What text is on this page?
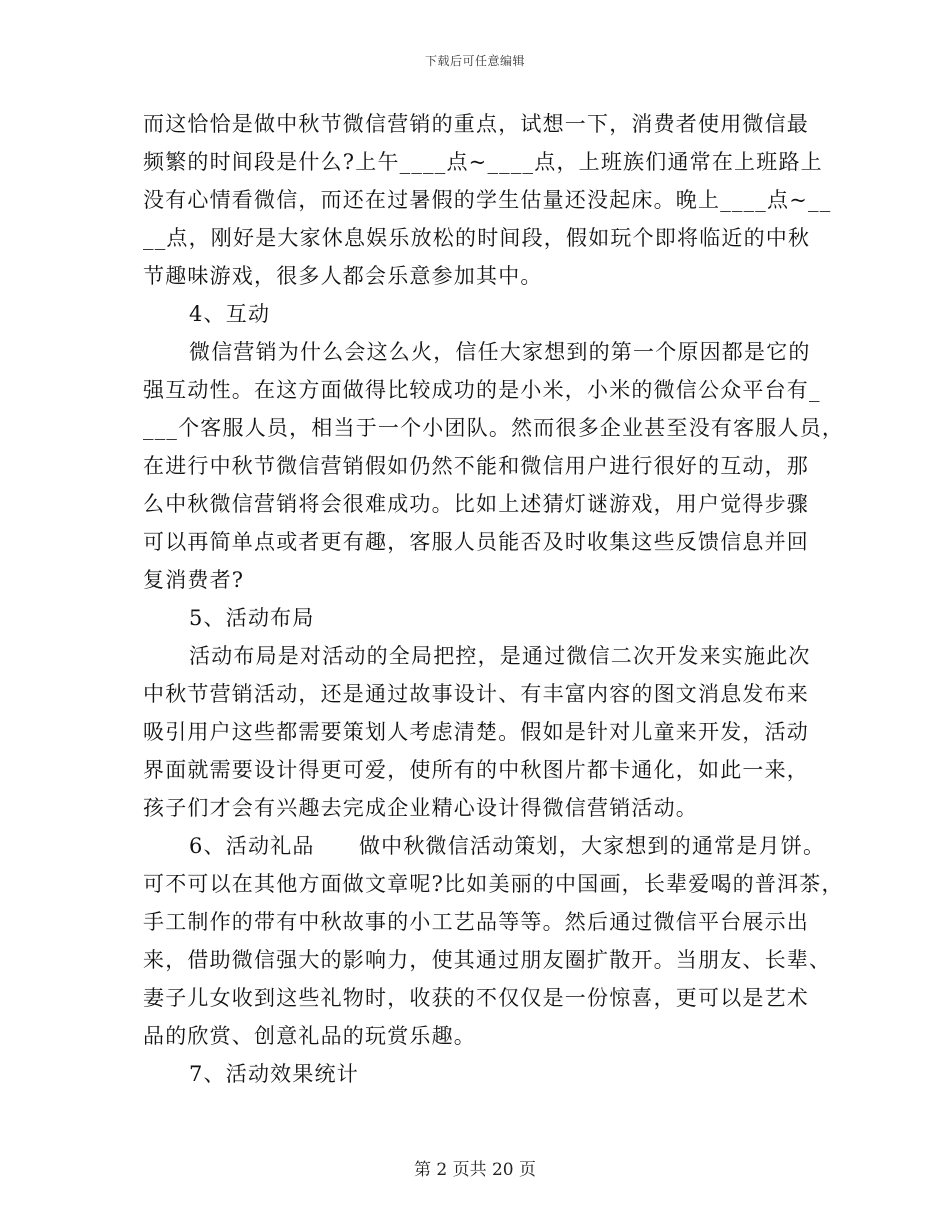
下载后可任意编辑
而这恰恰是做中秋节微信营销的重点，试想一下，消费者使用微信最
频繁的时间段是什么?上午____点~____点，上班族们通常在上班路上
没有心情看微信，而还在过暑假的学生估量还没起床。晚上____点~__
__点，刚好是大家休息娱乐放松的时间段，假如玩个即将临近的中秋
节趣味游戏，很多人都会乐意参加其中。
4、互动
微信营销为什么会这么火，信任大家想到的第一个原因都是它的
强互动性。在这方面做得比较成功的是小米，小米的微信公众平台有_
___个客服人员，相当于一个小团队。然而很多企业甚至没有客服人员，
在进行中秋节微信营销假如仍然不能和微信用户进行很好的互动，那
么中秋微信营销将会很难成功。比如上述猜灯谜游戏，用户觉得步骤
可以再简单点或者更有趣，客服人员能否及时收集这些反馈信息并回
复消费者?
5、活动布局
活动布局是对活动的全局把控，是通过微信二次开发来实施此次
中秋节营销活动，还是通过故事设计、有丰富内容的图文消息发布来
吸引用户这些都需要策划人考虑清楚。假如是针对儿童来开发，活动
界面就需要设计得更可爱，使所有的中秋图片都卡通化，如此一来，
孩子们才会有兴趣去完成企业精心设计得微信营销活动。
6、活动礼品　　做中秋微信活动策划，大家想到的通常是月饼。
可不可以在其他方面做文章呢?比如美丽的中国画，长辈爱喝的普洱茶，
手工制作的带有中秋故事的小工艺品等等。然后通过微信平台展示出
来，借助微信强大的影响力，使其通过朋友圈扩散开。当朋友、长辈、
妻子儿女收到这些礼物时，收获的不仅仅是一份惊喜，更可以是艺术
品的欣赏、创意礼品的玩赏乐趣。
7、活动效果统计
第 2 页共 20 页
